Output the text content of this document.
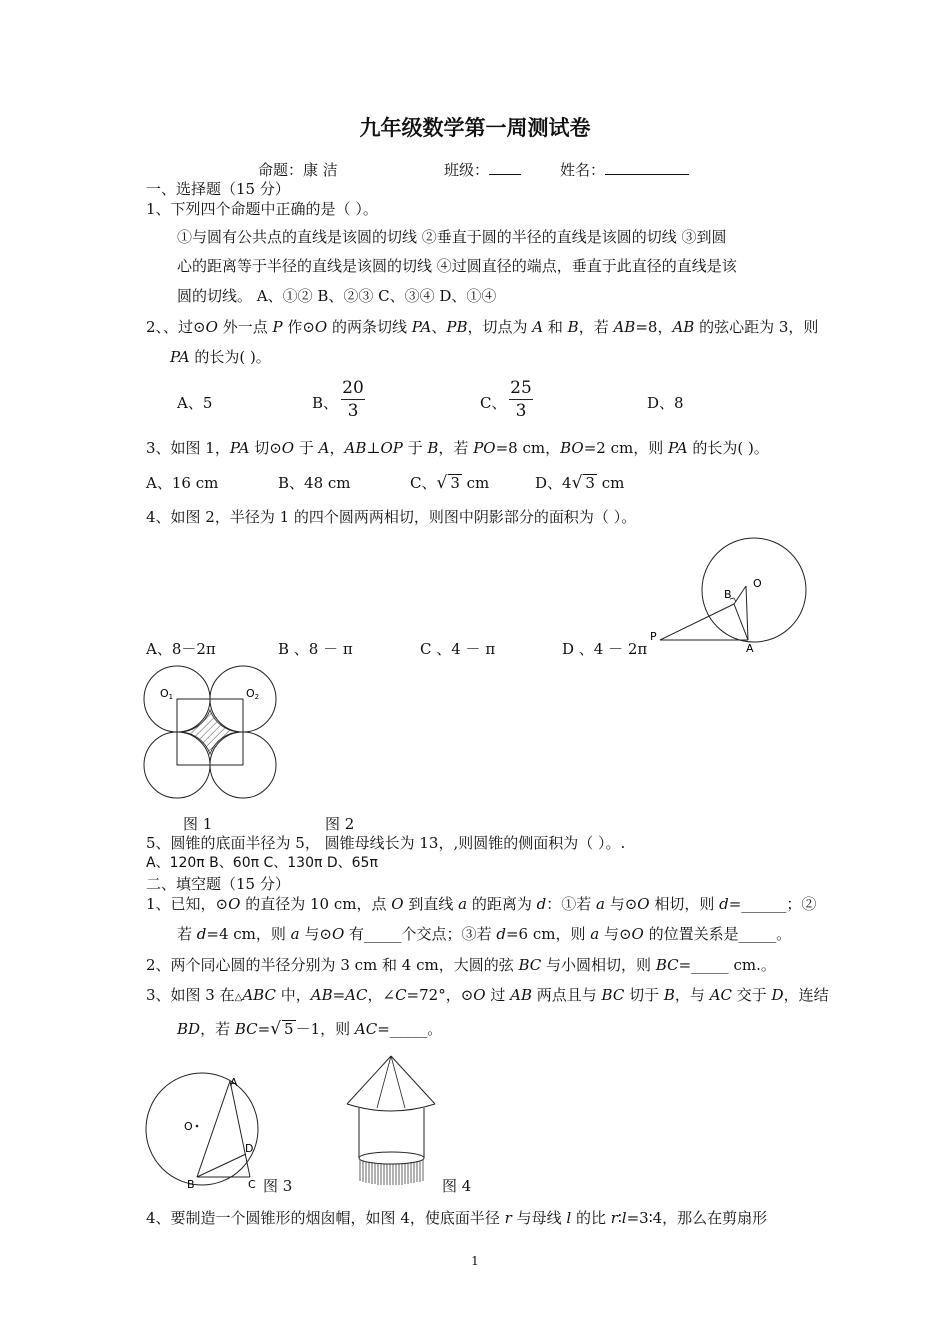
九年级数学第一周测试卷
命题：康 洁	班级：	姓名：
一、选择题（15 分）
1、下列四个命题中正确的是（ ）。
①与圆有公共点的直线是该圆的切线 ②垂直于圆的半径的直线是该圆的切线 ③到圆
心的距离等于半径的直线是该圆的切线 ④过圆直径的端点，垂直于此直径的直线是该
圆的切线。 A、①② B、②③ C、③④ D、①④
2、、过⊙O 外一点 P 作⊙O 的两条切线 PA、PB，切点为 A 和 B，若 AB=8，AB 的弦心距为 3，则
PA 的长为( )。
A、5	B、
20
3	C、
25
3	D、8
3、如图 1，PA 切⊙O 于 A，AB⊥OP 于 B，若 PO=8 cm，BO=2 cm，则 PA 的长为( )。
A、16 cm	B、48 cm	C、√ 3 cm	D、4√ 3 cm
4、如图 2，半径为 1 的四个圆两两相切，则图中阴影部分的面积为（ ）。
B
O
P
A
A、8－2π	B 、8 － π	C 、4 － π	D 、4 － 2π
O1	O2
图 1	图 2
5、圆锥的底面半径为 5， 圆锥母线长为 13，,则圆锥的侧面积为（ ）。.
A、120π B、60π C、130π D、65π
二、填空题（15 分）
1、已知，⊙O 的直径为 10 cm，点 O 到直线 a 的距离为 d：①若 a 与⊙O 相切，则 d=______；②
若 d=4 cm，则 a 与⊙O 有_____个交点；③若 d=6 cm，则 a 与⊙O 的位置关系是_____。
2、两个同心圆的半径分别为 3 cm 和 4 cm，大圆的弦 BC 与小圆相切，则 BC=_____ cm.。
3、如图 3 在△ABC 中，AB=AC，∠C=72°，⊙O 过 AB 两点且与 BC 切于 B，与 AC 交于 D，连结
BD，若 BC=√ 5 －1，则 AC=_____。
A
O
D
B	C 图 3	图 4
4、要制造一个圆锥形的烟囱帽，如图 4，使底面半径 r 与母线 l 的比 r∶l=3∶4，那么在剪扇形
1
